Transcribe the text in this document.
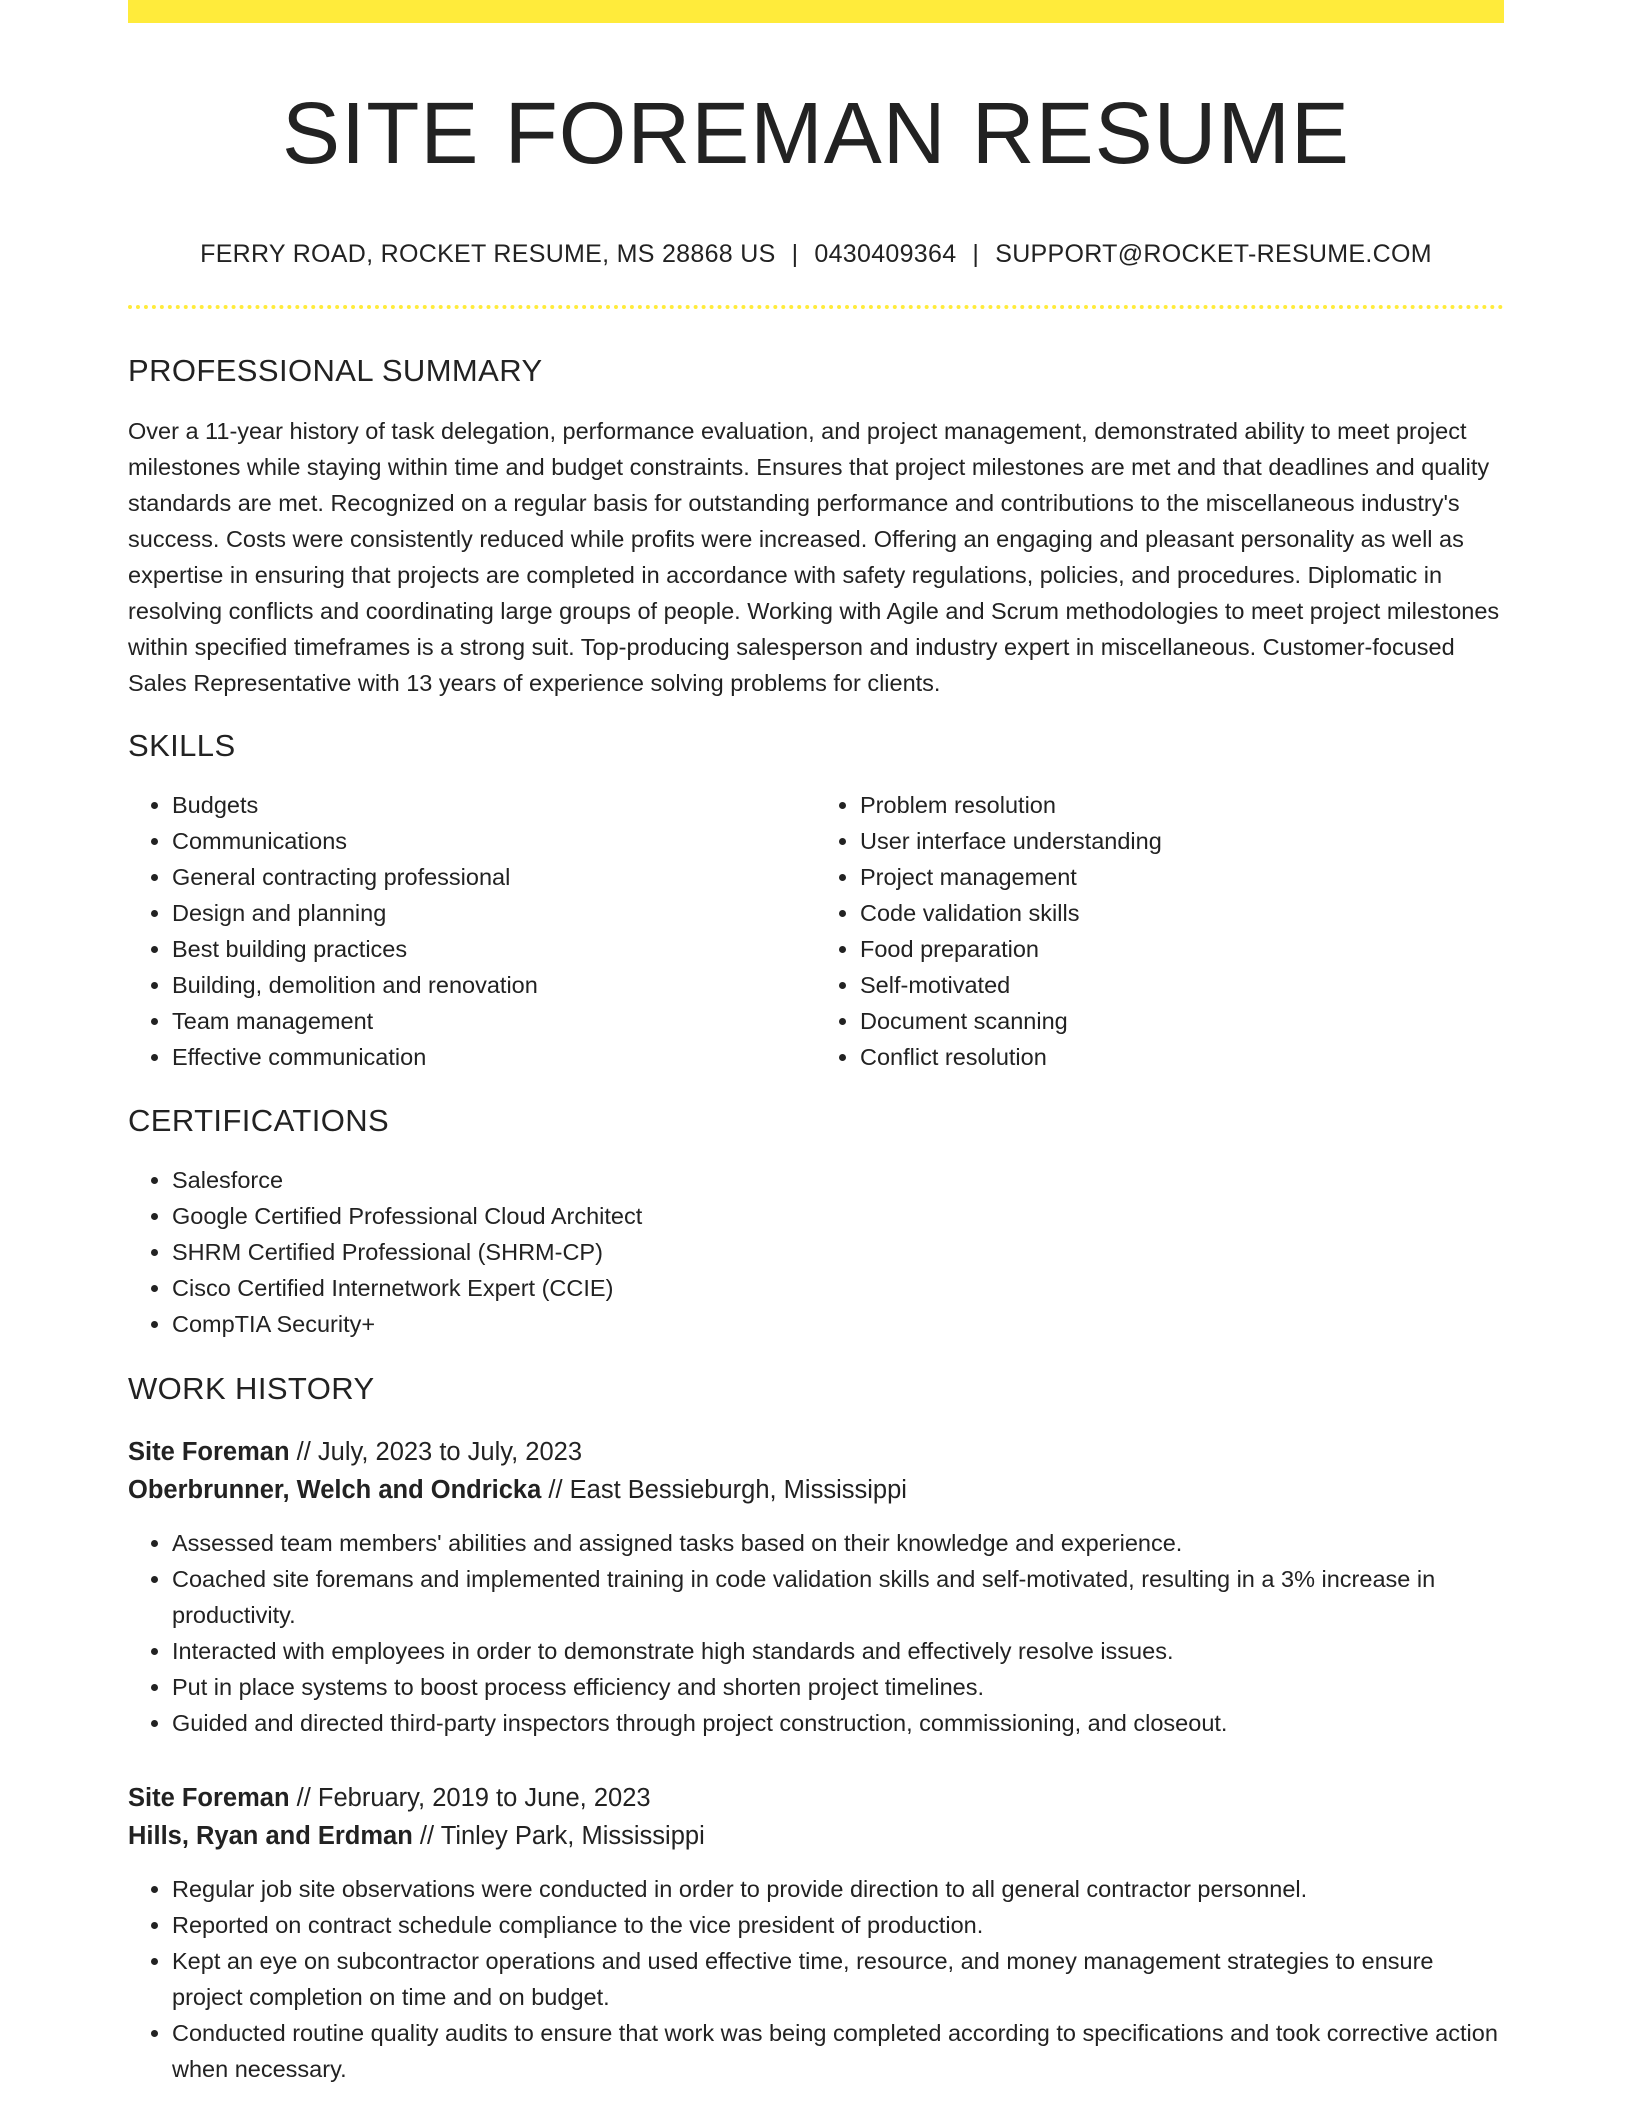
SITE FOREMAN RESUME
FERRY ROAD, ROCKET RESUME, MS 28868 US | 0430409364 | SUPPORT@ROCKET-RESUME.COM
PROFESSIONAL SUMMARY

Over a 11-year history of task delegation, performance evaluation, and project management, demonstrated ability to meet project milestones while staying within time and budget constraints. Ensures that project milestones are met and that deadlines and quality standards are met. Recognized on a regular basis for outstanding performance and contributions to the miscellaneous industry's success. Costs were consistently reduced while profits were increased. Offering an engaging and pleasant personality as well as expertise in ensuring that projects are completed in accordance with safety regulations, policies, and procedures. Diplomatic in resolving conflicts and coordinating large groups of people. Working with Agile and Scrum methodologies to meet project milestones within specified timeframes is a strong suit. Top-producing salesperson and industry expert in miscellaneous. Customer-focused Sales Representative with 13 years of experience solving problems for clients.

SKILLS
• Budgets
• Communications
• General contracting professional
• Design and planning
• Best building practices
• Building, demolition and renovation
• Team management
• Effective communication
• Problem resolution
• User interface understanding
• Project management
• Code validation skills
• Food preparation
• Self-motivated
• Document scanning
• Conflict resolution
CERTIFICATIONS
• Salesforce
• Google Certified Professional Cloud Architect
• SHRM Certified Professional (SHRM-CP)
• Cisco Certified Internetwork Expert (CCIE)
• CompTIA Security+
WORK HISTORY
Site Foreman // July, 2023 to July, 2023
Oberbrunner, Welch and Ondricka // East Bessieburgh, Mississippi
• Assessed team members' abilities and assigned tasks based on their knowledge and experience.
• Coached site foremans and implemented training in code validation skills and self-motivated, resulting in a 3% increase in productivity.
• Interacted with employees in order to demonstrate high standards and effectively resolve issues.
• Put in place systems to boost process efficiency and shorten project timelines.
• Guided and directed third-party inspectors through project construction, commissioning, and closeout.
Site Foreman // February, 2019 to June, 2023
Hills, Ryan and Erdman // Tinley Park, Mississippi
• Regular job site observations were conducted in order to provide direction to all general contractor personnel.
• Reported on contract schedule compliance to the vice president of production.
• Kept an eye on subcontractor operations and used effective time, resource, and money management strategies to ensure project completion on time and on budget.
• Conducted routine quality audits to ensure that work was being completed according to specifications and took corrective action when necessary.
